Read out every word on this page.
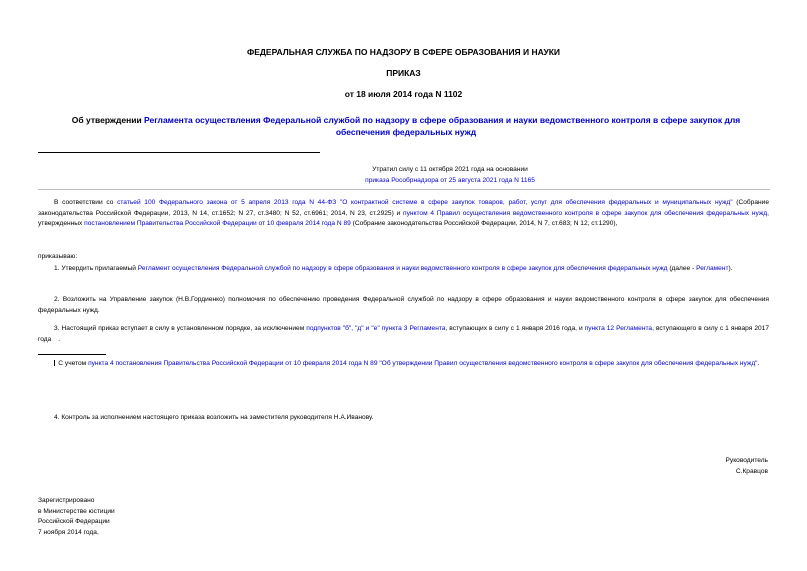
ФЕДЕРАЛЬНАЯ СЛУЖБА ПО НАДЗОРУ В СФЕРЕ ОБРАЗОВАНИЯ И НАУКИ
ПРИКАЗ
от 18 июля 2014 года N 1102
Об утверждении Регламента осуществления Федеральной службой по надзору в сфере образования и науки ведомственного контроля в сфере закупок для обеспечения федеральных нужд
Утратил силу с 11 октября 2021 года на основании
приказа Рособрнадзора от 25 августа 2021 года N 1165
В соответствии со статьей 100 Федерального закона от 5 апреля 2013 года N 44-ФЗ "О контрактной системе в сфере закупок товаров, работ, услуг для обеспечения федеральных и муниципальных нужд" (Собрание законодательства Российской Федерации, 2013, N 14, ст.1652; N 27, ст.3480; N 52, ст.6961; 2014, N 23, ст.2925) и пунктом 4 Правил осуществления ведомственного контроля в сфере закупок для обеспечения федеральных нужд, утвержденных постановлением Правительства Российской Федерации от 10 февраля 2014 года N 89 (Собрание законодательства Российской Федерации, 2014, N 7, ст.683; N 12, ст.1290),
приказываю:
1. Утвердить прилагаемый Регламент осуществления Федеральной службой по надзору в сфере образования и науки ведомственного контроля в сфере закупок для обеспечения федеральных нужд (далее - Регламент).
2. Возложить на Управление закупок (Н.В.Гордиенко) полномочия по обеспечению проведения Федеральной службой по надзору в сфере образования и науки ведомственного контроля в сфере закупок для обеспечения федеральных нужд.
3. Настоящий приказ вступает в силу в установленном порядке, за исключением подпунктов "б", "д" и "е" пункта 3 Регламента, вступающих в силу с 1 января 2016 года, и пункта 12 Регламента, вступающего в силу с 1 января 2017 года .
С учетом пункта 4 постановления Правительства Российской Федерации от 10 февраля 2014 года N 89 "Об утверждении Правил осуществления ведомственного контроля в сфере закупок для обеспечения федеральных нужд".
4. Контроль за исполнением настоящего приказа возложить на заместителя руководителя Н.А.Иванову.
Руководитель
С.Кравцов
Зарегистрировано
в Министерстве юстиции
Российской Федерации
7 ноября 2014 года,
